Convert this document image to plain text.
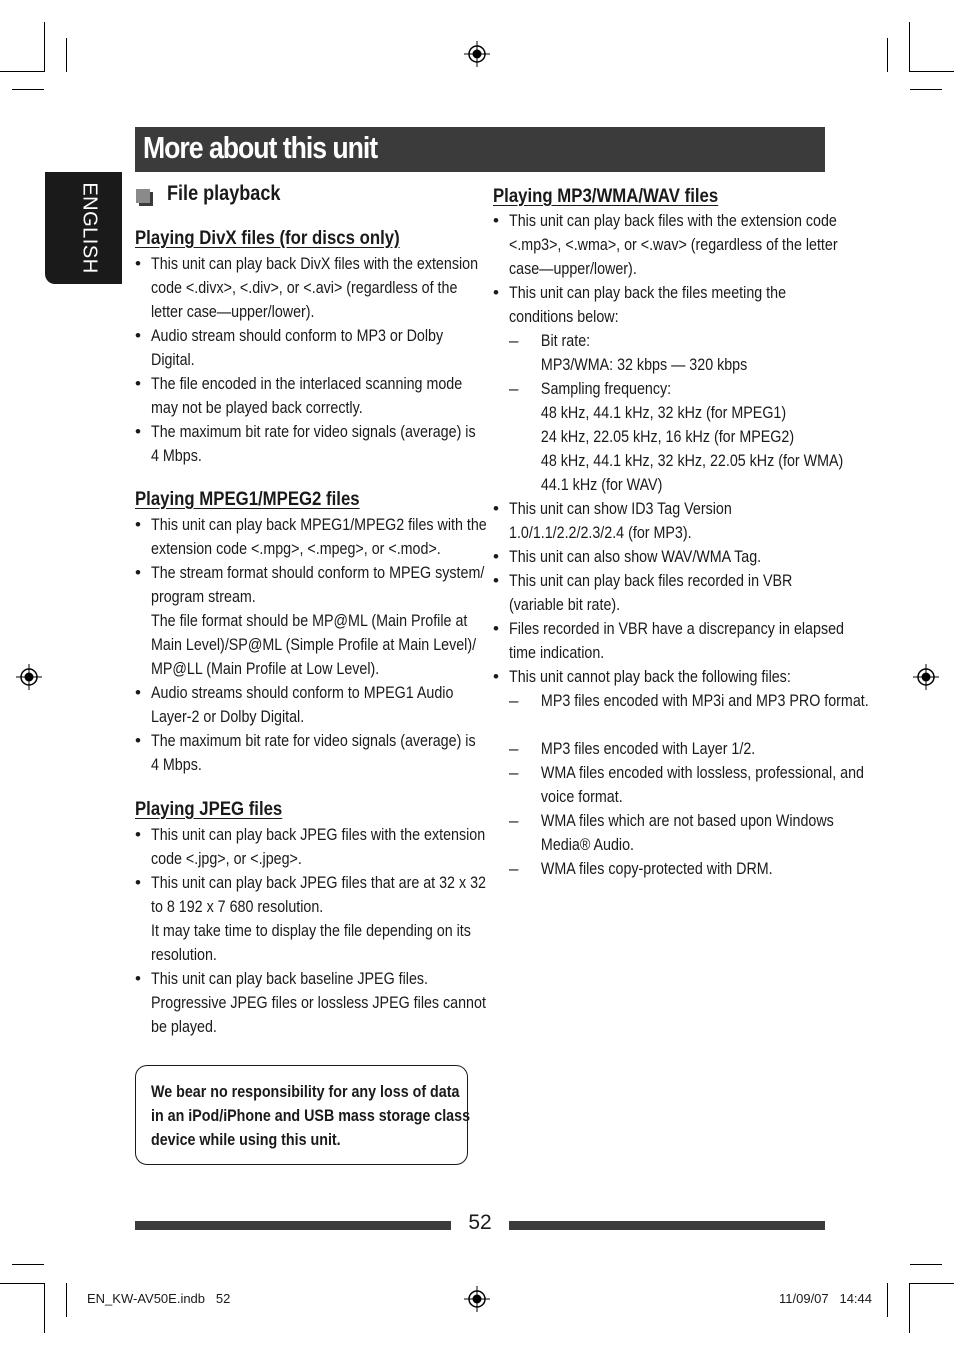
More about this unit
ENGLISH	File playback
Playing DivX files (for discs only)
• This unit can play back DivX files with the extension code <.divx>, <.div>, or <.avi> (regardless of the letter case—upper/lower).
• Audio stream should conform to MP3 or Dolby Digital.
• The file encoded in the interlaced scanning mode may not be played back correctly.
• The maximum bit rate for video signals (average) is 4 Mbps.
Playing MPEG1/MPEG2 files
• This unit can play back MPEG1/MPEG2 files with the extension code <.mpg>, <.mpeg>, or <.mod>.
• The stream format should conform to MPEG system/ program stream.
The file format should be MP@ML (Main Profile at Main Level)/SP@ML (Simple Profile at Main Level)/ MP@LL (Main Profile at Low Level).
• Audio streams should conform to MPEG1 Audio Layer-2 or Dolby Digital.
• The maximum bit rate for video signals (average) is 4 Mbps.
Playing JPEG files
• This unit can play back JPEG files with the extension code <.jpg>, or <.jpeg>.
• This unit can play back JPEG files that are at 32 x 32 to 8 192 x 7 680 resolution.
It may take time to display the file depending on its resolution.
• This unit can play back baseline JPEG files.
Progressive JPEG files or lossless JPEG files cannot be played.
We bear no responsibility for any loss of data in an iPod/iPhone and USB mass storage class device while using this unit.
Playing MP3/WMA/WAV files
• This unit can play back files with the extension code <.mp3>, <.wma>, or <.wav> (regardless of the letter case—upper/lower).
• This unit can play back the files meeting the conditions below:
–	Bit rate:
MP3/WMA: 32 kbps — 320 kbps
–	Sampling frequency:
48 kHz, 44.1 kHz, 32 kHz (for MPEG1)
24 kHz, 22.05 kHz, 16 kHz (for MPEG2)
48 kHz, 44.1 kHz, 32 kHz, 22.05 kHz (for WMA)
44.1 kHz (for WAV)
• This unit can show ID3 Tag Version 1.0/1.1/2.2/2.3/2.4 (for MP3).
• This unit can also show WAV/WMA Tag.
• This unit can play back files recorded in VBR (variable bit rate).
• Files recorded in VBR have a discrepancy in elapsed time indication.
• This unit cannot play back the following files:
–	MP3 files encoded with MP3i and MP3 PRO format.
–	MP3 files encoded with Layer 1/2.
–	WMA files encoded with lossless, professional, and voice format.
–	WMA files which are not based upon Windows Media® Audio.
–	WMA files copy-protected with DRM.
52
EN_KW-AV50E.indb   52	11/09/07   14:44
